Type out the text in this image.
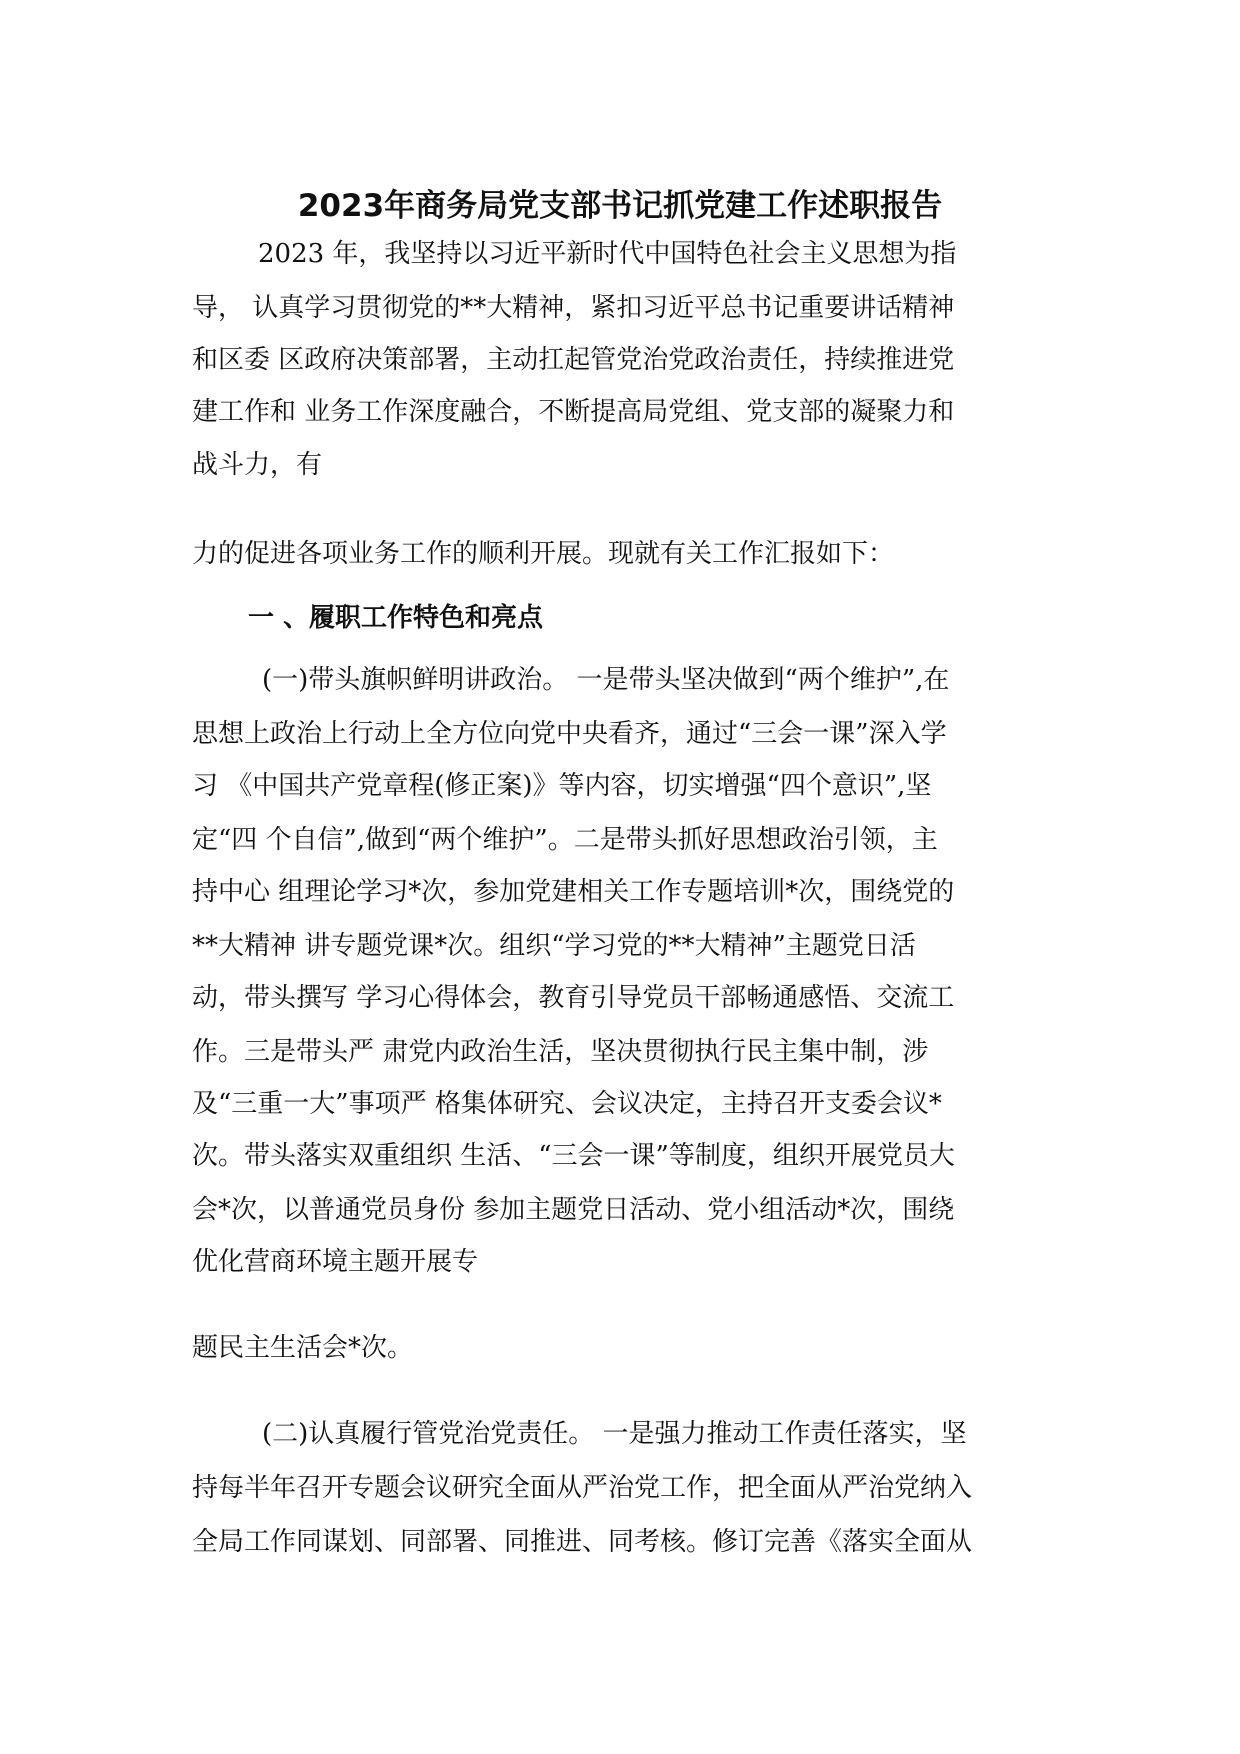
2023年商务局党支部书记抓党建工作述职报告

2023 年，我坚持以习近平新时代中国特色社会主义思想为指

导， 认真学习贯彻党的**大精神，紧扣习近平总书记重要讲话精神

和区委 区政府决策部署，主动扛起管党治党政治责任，持续推进党

建工作和 业务工作深度融合，不断提高局党组、党支部的凝聚力和

战斗力，有

力的促进各项业务工作的顺利开展。现就有关工作汇报如下：

一 、履职工作特色和亮点

(一)带头旗帜鲜明讲政治。 一是带头坚决做到“两个维护”,在

思想上政治上行动上全方位向党中央看齐，通过“三会一课”深入学

习 《中国共产党章程(修正案)》等内容，切实增强“四个意识”,坚

定“四 个自信”,做到“两个维护”。二是带头抓好思想政治引领，主

持中心 组理论学习*次，参加党建相关工作专题培训*次，围绕党的

**大精神 讲专题党课*次。组织“学习党的**大精神”主题党日活

动，带头撰写 学习心得体会，教育引导党员干部畅通感悟、交流工

作。三是带头严 肃党内政治生活，坚决贯彻执行民主集中制，涉

及“三重一大”事项严 格集体研究、会议决定，主持召开支委会议*

次。带头落实双重组织 生活、“三会一课”等制度，组织开展党员大

会*次，以普通党员身份 参加主题党日活动、党小组活动*次，围绕

优化营商环境主题开展专

题民主生活会*次。

(二)认真履行管党治党责任。 一是强力推动工作责任落实，坚

持每半年召开专题会议研究全面从严治党工作，把全面从严治党纳入

全局工作同谋划、同部署、同推进、同考核。修订完善《落实全面从
